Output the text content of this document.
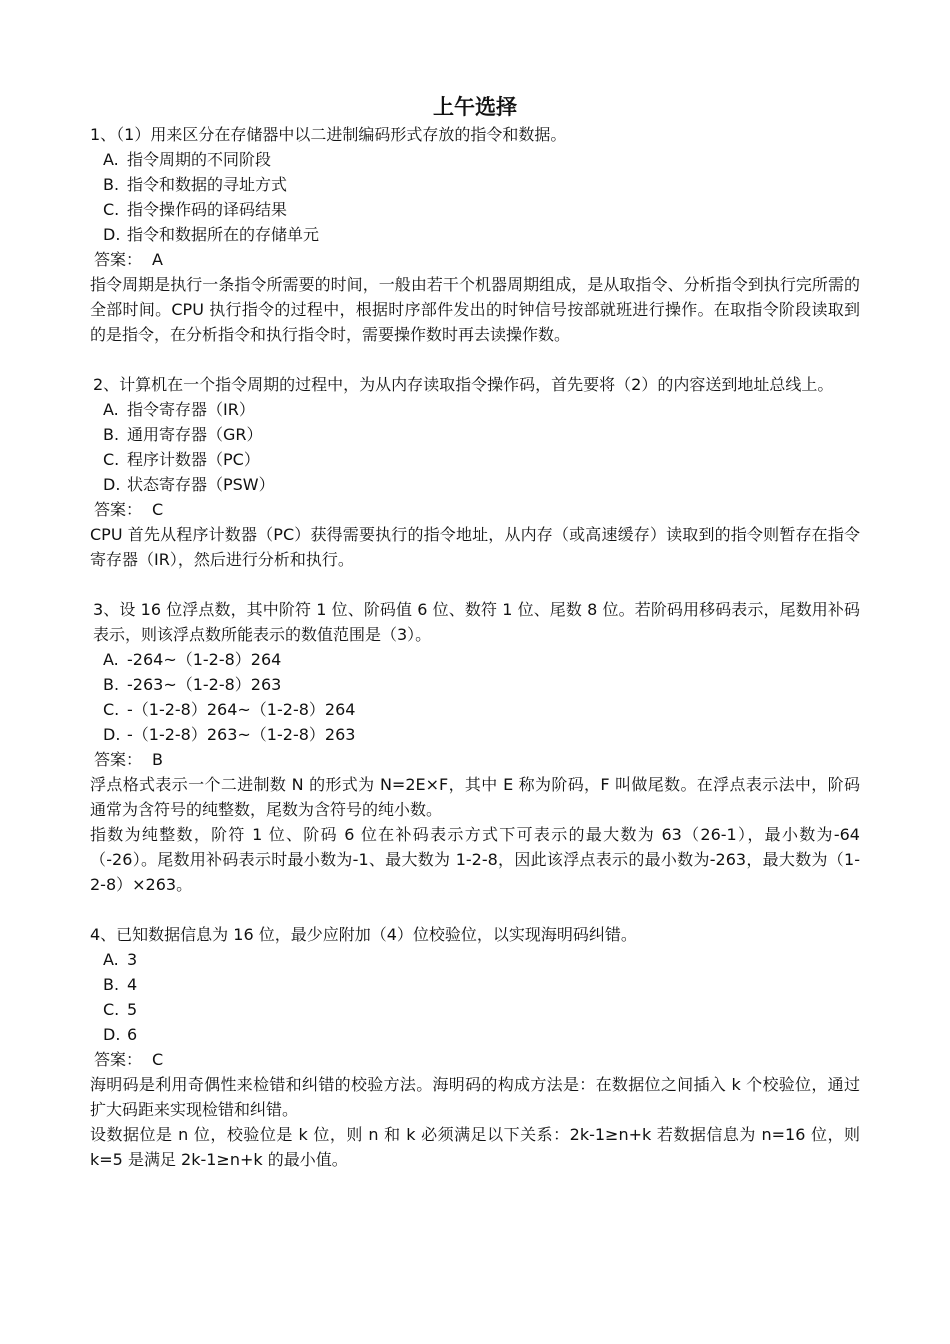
上午选择

1、（1）用来区分在存储器中以二进制编码形式存放的指令和数据。

A. 指令周期的不同阶段
B. 指令和数据的寻址方式
C. 指令操作码的译码结果
D. 指令和数据所在的存储单元

答案： A

指令周期是执行一条指令所需要的时间，一般由若干个机器周期组成，是从取指令、分析指令到执行完所需的全部时间。CPU 执行指令的过程中，根据时序部件发出的时钟信号按部就班进行操作。在取指令阶段读取到的是指令，在分析指令和执行指令时，需要操作数时再去读操作数。

2、计算机在一个指令周期的过程中，为从内存读取指令操作码，首先要将（2）的内容送到地址总线上。

A. 指令寄存器（IR）
B. 通用寄存器（GR）
C. 程序计数器（PC）
D. 状态寄存器（PSW）

答案： C

CPU 首先从程序计数器（PC）获得需要执行的指令地址，从内存（或高速缓存）读取到的指令则暂存在指令寄存器（IR），然后进行分析和执行。

3、设 16 位浮点数，其中阶符 1 位、阶码值 6 位、数符 1 位、尾数 8 位。若阶码用移码表示，尾数用补码表示，则该浮点数所能表示的数值范围是（3）。

A. -264~（1-2-8）264
B. -263~（1-2-8）263
C. -（1-2-8）264~（1-2-8）264
D. -（1-2-8）263~（1-2-8）263

答案： B

浮点格式表示一个二进制数 N 的形式为 N=2E×F，其中 E 称为阶码，F 叫做尾数。在浮点表示法中，阶码通常为含符号的纯整数，尾数为含符号的纯小数。

指数为纯整数，阶符 1 位、阶码 6 位在补码表示方式下可表示的最大数为 63（26-1），最小数为-64（-26）。尾数用补码表示时最小数为-1、最大数为 1-2-8，因此该浮点表示的最小数为-263，最大数为（1-2-8）×263。

4、已知数据信息为 16 位，最少应附加（4）位校验位，以实现海明码纠错。

A. 3
B. 4
C. 5
D. 6

答案： C

海明码是利用奇偶性来检错和纠错的校验方法。海明码的构成方法是：在数据位之间插入 k 个校验位，通过扩大码距来实现检错和纠错。

设数据位是 n 位，校验位是 k 位，则 n 和 k 必须满足以下关系：2k-1≥n+k 若数据信息为 n=16 位，则 k=5 是满足 2k-1≥n+k 的最小值。
